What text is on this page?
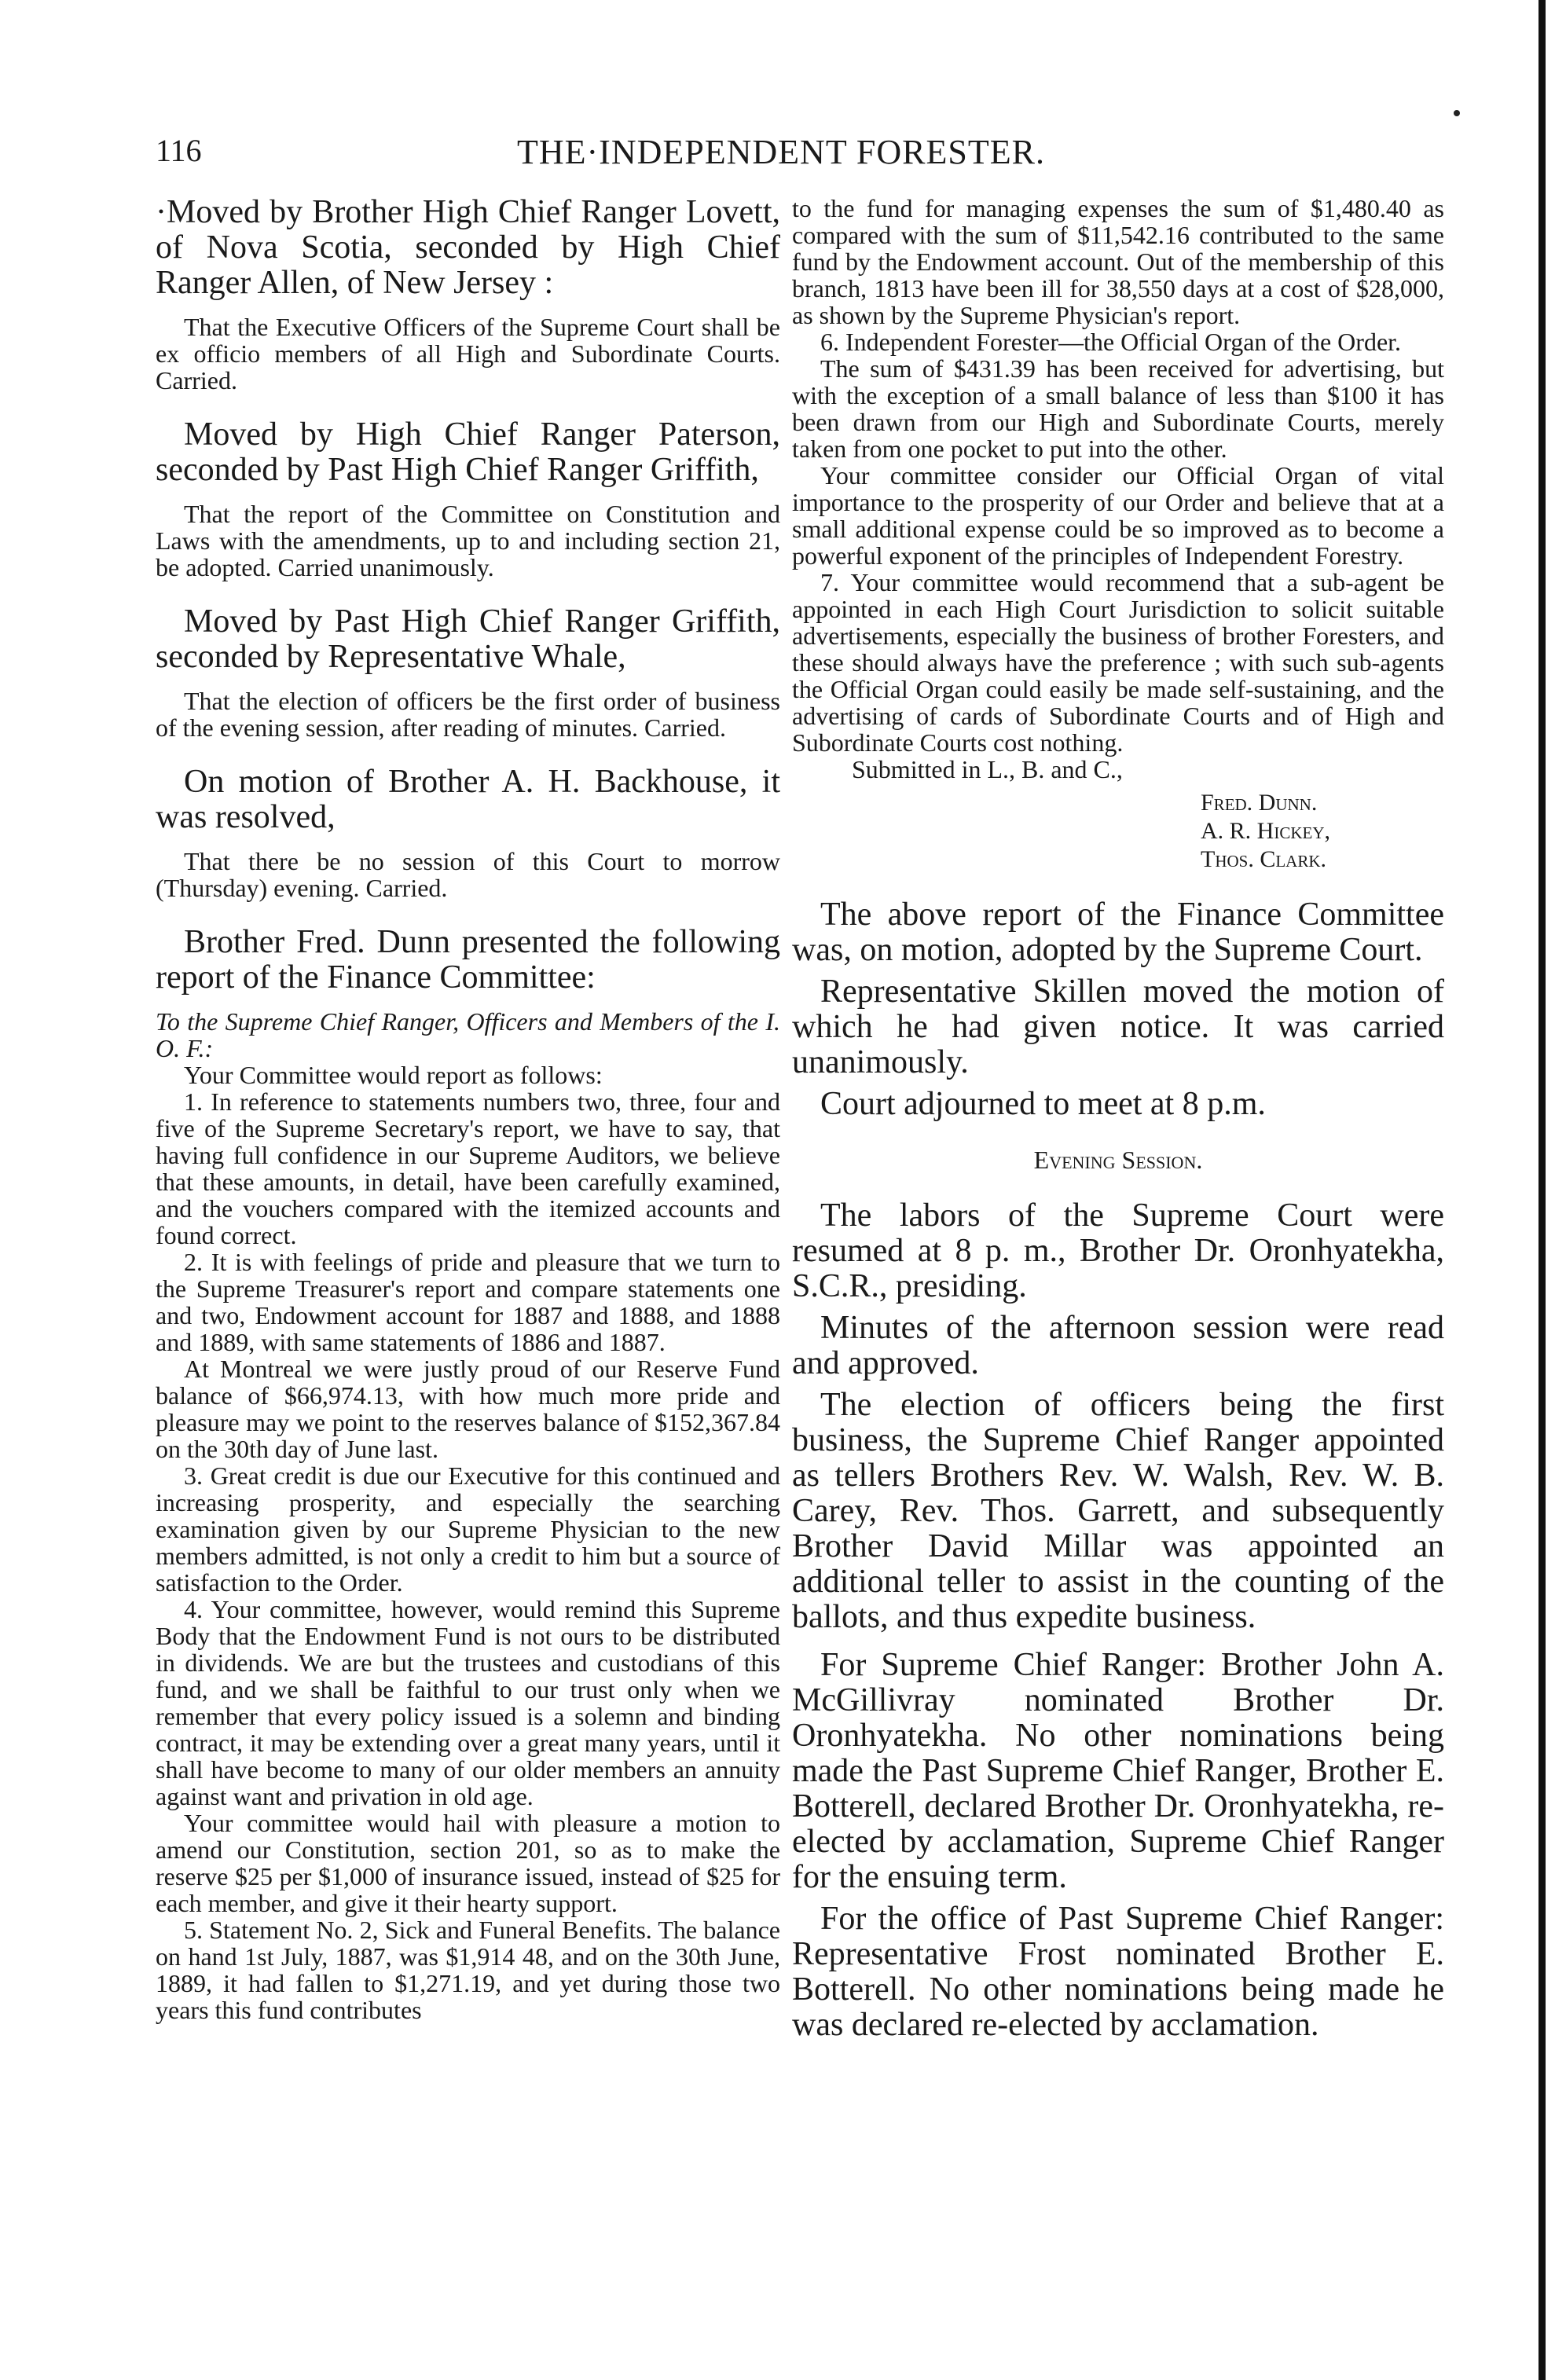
116	THE·INDEPENDENT FORESTER.

·Moved by Brother High Chief Ranger Lovett, of Nova Scotia, seconded by High Chief Ranger Allen, of New Jersey :

That the Executive Officers of the Supreme Court shall be ex officio members of all High and Subordinate Courts. Carried.

Moved by High Chief Ranger Paterson, seconded by Past High Chief Ranger Griffith,

That the report of the Committee on Constitution and Laws with the amendments, up to and including section 21, be adopted. Carried unanimously.

Moved by Past High Chief Ranger Griffith, seconded by Representative Whale,

That the election of officers be the first order of business of the evening session, after reading of minutes. Carried.

On motion of Brother A. H. Backhouse, it was resolved,

That there be no session of this Court to morrow (Thursday) evening. Carried.

Brother Fred. Dunn presented the following report of the Finance Committee:

To the Supreme Chief Ranger, Officers and Members of the I. O. F.:

Your Committee would report as follows:

1. In reference to statements numbers two, three, four and five of the Supreme Secretary's report, we have to say, that having full confidence in our Supreme Auditors, we believe that these amounts, in detail, have been carefully examined, and the vouchers compared with the itemized accounts and found correct.

2. It is with feelings of pride and pleasure that we turn to the Supreme Treasurer's report and compare statements one and two, Endowment account for 1887 and 1888, and 1888 and 1889, with same statements of 1886 and 1887.

At Montreal we were justly proud of our Reserve Fund balance of $66,974.13, with how much more pride and pleasure may we point to the reserves balance of $152,367.84 on the 30th day of June last.

3. Great credit is due our Executive for this continued and increasing prosperity, and especially the searching examination given by our Supreme Physician to the new members admitted, is not only a credit to him but a source of satisfaction to the Order.

4. Your committee, however, would remind this Supreme Body that the Endowment Fund is not ours to be distributed in dividends. We are but the trustees and custodians of this fund, and we shall be faithful to our trust only when we remember that every policy issued is a solemn and binding contract, it may be extending over a great many years, until it shall have become to many of our older members an annuity against want and privation in old age.

Your committee would hail with pleasure a motion to amend our Constitution, section 201, so as to make the reserve $25 per $1,000 of insurance issued, instead of $25 for each member, and give it their hearty support.

5. Statement No. 2, Sick and Funeral Benefits. The balance on hand 1st July, 1887, was $1,914 48, and on the 30th June, 1889, it had fallen to $1,271.19, and yet during those two years this fund contributes

to the fund for managing expenses the sum of $1,480.40 as compared with the sum of $11,542.16 contributed to the same fund by the Endowment account. Out of the membership of this branch, 1813 have been ill for 38,550 days at a cost of $28,000, as shown by the Supreme Physician's report.

6. Independent Forester—the Official Organ of the Order.

The sum of $431.39 has been received for advertising, but with the exception of a small balance of less than $100 it has been drawn from our High and Subordinate Courts, merely taken from one pocket to put into the other.

Your committee consider our Official Organ of vital importance to the prosperity of our Order and believe that at a small additional expense could be so improved as to become a powerful exponent of the principles of Independent Forestry.

7. Your committee would recommend that a sub-agent be appointed in each High Court Jurisdiction to solicit suitable advertisements, especially the business of brother Foresters, and these should always have the preference ; with such sub-agents the Official Organ could easily be made self-sustaining, and the advertising of cards of Subordinate Courts and of High and Subordinate Courts cost nothing.

Submitted in L., B. and C.,

Fred. Dunn.
A. R. Hickey,
Thos. Clark.

The above report of the Finance Committee was, on motion, adopted by the Supreme Court.

Representative Skillen moved the motion of which he had given notice. It was carried unanimously.

Court adjourned to meet at 8 p.m.

Evening Session.

The labors of the Supreme Court were resumed at 8 p. m., Brother Dr. Oronhyatekha, S.C.R., presiding.

Minutes of the afternoon session were read and approved.

The election of officers being the first business, the Supreme Chief Ranger appointed as tellers Brothers Rev. W. Walsh, Rev. W. B. Carey, Rev. Thos. Garrett, and subsequently Brother David Millar was appointed an additional teller to assist in the counting of the ballots, and thus expedite business.

For Supreme Chief Ranger: Brother John A. McGillivray nominated Brother Dr. Oronhyatekha. No other nominations being made the Past Supreme Chief Ranger, Brother E. Botterell, declared Brother Dr. Oronhyatekha, re-elected by acclamation, Supreme Chief Ranger for the ensuing term.

For the office of Past Supreme Chief Ranger: Representative Frost nominated Brother E. Botterell. No other nominations being made he was declared re-elected by acclamation.
